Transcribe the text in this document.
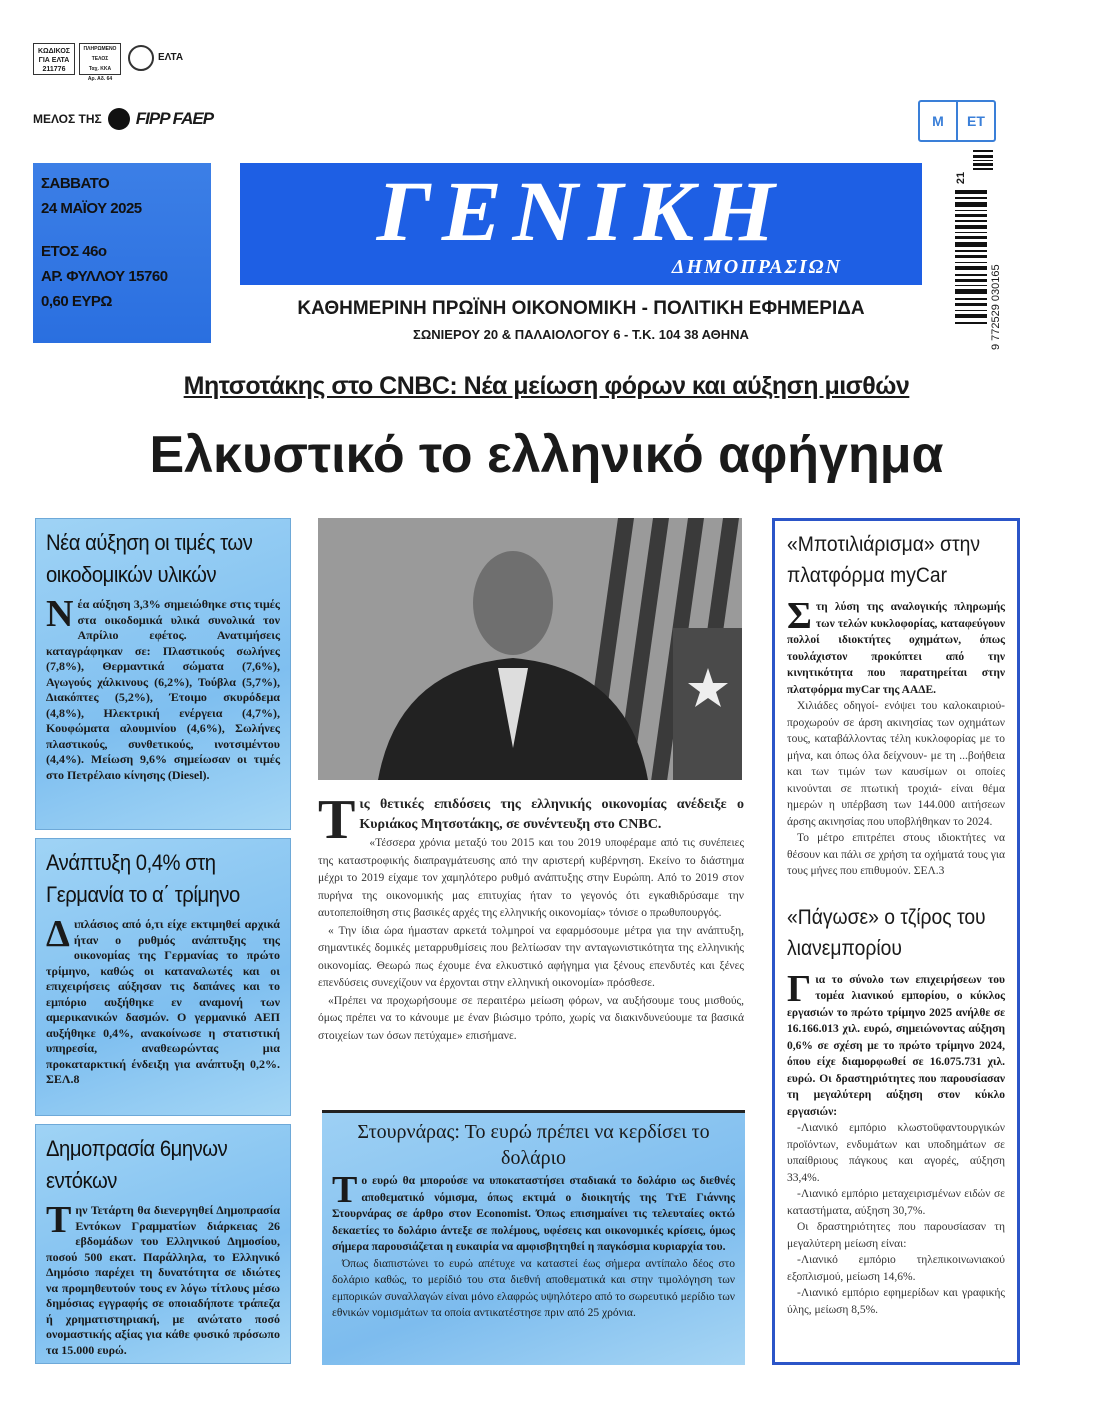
ΚΩΔΙΚΟΣ ΓΙΑ ΕΛΤΑ 211776
ΠΛΗΡΩΜΕΝΟ ΤΕΛΟΣ
Ταχ. ΚΚΑ
Αρ. Αδ. 64
ΕΛΤΑ
ΜΕΛΟΣ ΤΗΣ FIPP FAEP
ΣΑΒΒΑΤΟ
24 ΜΑΪΟΥ 2025
ΕΤΟΣ 46ο
ΑΡ. ΦΥΛΛΟΥ 15760
0,60 ΕΥΡΩ
ΓΕΝΙΚΗ
ΔΗΜΟΠΡΑΣΙΩΝ
ΚΑΘΗΜΕΡΙΝΗ ΠΡΩΪΝΗ ΟΙΚΟΝΟΜΙΚΗ - ΠΟΛΙΤΙΚΗ ΕΦΗΜΕΡΙΔΑ
ΣΩΝΙΕΡΟΥ 20 & ΠΑΛΑΙΟΛΟΓΟΥ 6 - Τ.Κ. 104 38 ΑΘΗΝΑ
Μ	ΕΤ
9 772529 030165
21
Μητσοτάκης στο CNBC: Νέα μείωση φόρων και αύξηση μισθών
Ελκυστικό το ελληνικό αφήγημα
Νέα αύξηση οι τιμές των οικοδομικών υλικών
Νέα αύξηση 3,3% σημειώθηκε στις τιμές στα οικοδομικά υλικά συνολικά τον Απρίλιο εφέτος. Ανατιμήσεις καταγράφηκαν σε: Πλαστικούς σωλήνες (7,8%), Θερμαντικά σώματα (7,6%), Αγωγούς χάλκινους (6,2%), Τούβλα (5,7%), Διακόπτες (5,2%), Έτοιμο σκυρόδεμα (4,8%), Ηλεκτρική ενέργεια (4,7%), Κουφώματα αλουμινίου (4,6%), Σωλήνες πλαστικούς, συνθετικούς, ινοτσιμέντου (4,4%). Μείωση 9,6% σημείωσαν οι τιμές στο Πετρέλαιο κίνησης (Diesel).
Ανάπτυξη 0,4% στη Γερμανία το α΄ τρίμηνο
Διπλάσιος από ό,τι είχε εκτιμηθεί αρχικά ήταν ο ρυθμός ανάπτυξης της οικονομίας της Γερμανίας το πρώτο τρίμηνο, καθώς οι καταναλωτές και οι επιχειρήσεις αύξησαν τις δαπάνες και το εμπόριο αυξήθηκε εν αναμονή των αμερικανικών δασμών. Ο γερμανικό ΑΕΠ αυξήθηκε 0,4%, ανακοίνωσε η στατιστική υπηρεσία, αναθεωρώντας μια προκαταρκτική ένδειξη για ανάπτυξη 0,2%. ΣΕΛ.8
Δημοπρασία 6μηνων εντόκων
Την Τετάρτη θα διενεργηθεί Δημοπρασία Εντόκων Γραμματίων διάρκειας 26 εβδομάδων του Ελληνικού Δημοσίου, ποσού 500 εκατ. Παράλληλα, το Ελληνικό Δημόσιο παρέχει τη δυνατότητα σε ιδιώτες να προμηθευτούν τους εν λόγω τίτλους μέσω δημόσιας εγγραφής σε οποιαδήποτε τράπεζα ή χρηματιστηριακή, με ανώτατο ποσό ονομαστικής αξίας για κάθε φυσικό πρόσωπο τα 15.000 ευρώ.
Τις θετικές επιδόσεις της ελληνικής οικονομίας ανέδειξε ο Κυριάκος Μητσοτάκης, σε συνέντευξη στο CNBC.

«Τέσσερα χρόνια μεταξύ του 2015 και του 2019 υποφέραμε από τις συνέπειες της καταστροφικής διαπραγμάτευσης από την αριστερή κυβέρνηση. Εκείνο το διάστημα μέχρι το 2019 είχαμε τον χαμηλότερο ρυθμό ανάπτυξης στην Ευρώπη. Από το 2019 στον πυρήνα της οικονομικής μας επιτυχίας ήταν το γεγονός ότι εγκαθιδρύσαμε την αυτοπεποίθηση στις βασικές αρχές της ελληνικής οικονομίας» τόνισε ο πρωθυπουργός.

« Την ίδια ώρα ήμασταν αρκετά τολμηροί να εφαρμόσουμε μέτρα για την ανάπτυξη, σημαντικές δομικές μεταρρυθμίσεις που βελτίωσαν την ανταγωνιστικότητα της ελληνικής οικονομίας. Θεωρώ πως έχουμε ένα ελκυστικό αφήγημα για ξένους επενδυτές και ξένες επενδύσεις συνεχίζουν να έρχονται στην ελληνική οικονομία» πρόσθεσε.

«Πρέπει να προχωρήσουμε σε περαιτέρω μείωση φόρων, να αυξήσουμε τους μισθούς, όμως πρέπει να το κάνουμε με έναν βιώσιμο τρόπο, χωρίς να διακινδυνεύουμε τα βασικά στοιχείων των όσων πετύχαμε» επισήμανε.

Στουρνάρας: Το ευρώ πρέπει να κερδίσει το δολάριο
Το ευρώ θα μπορούσε να υποκαταστήσει σταδιακά το δολάριο ως διεθνές αποθεματικό νόμισμα, όπως εκτιμά ο διοικητής της ΤτΕ Γιάννης Στουρνάρας σε άρθρο στον Economist. Όπως επισημαίνει τις τελευταίες οκτώ δεκαετίες το δολάριο άντεξε σε πολέμους, υφέσεις και οικονομικές κρίσεις, όμως σήμερα παρουσιάζεται η ευκαιρία να αμφισβητηθεί η παγκόσμια κυριαρχία του.
Όπως διαπιστώνει το ευρώ απέτυχε να καταστεί έως σήμερα αντίπαλο δέος στο δολάριο καθώς, το μερίδιό του στα διεθνή αποθεματικά και στην τιμολόγηση των εμπορικών συναλλαγών είναι μόνο ελαφρώς υψηλότερο από το σωρευτικό μερίδιο των εθνικών νομισμάτων τα οποία αντικατέστησε πριν από 25 χρόνια.
«Μποτιλιάρισμα» στην πλατφόρμα myCar
Στη λύση της αναλογικής πληρωμής των τελών κυκλοφορίας, καταφεύγουν πολλοί ιδιοκτήτες οχημάτων, όπως τουλάχιστον προκύπτει από την κινητικότητα που παρατηρείται στην πλατφόρμα myCar της ΑΑΔΕ.
Χιλιάδες οδηγοί- ενόψει του καλοκαιριού- προχωρούν σε άρση ακινησίας των οχημάτων τους, καταβάλλοντας τέλη κυκλοφορίας με το μήνα, και όπως όλα δείχνουν- με τη ...βοήθεια και των τιμών των καυσίμων οι οποίες κινούνται σε πτωτική τροχιά- είναι θέμα ημερών η υπέρβαση των 144.000 αιτήσεων άρσης ακινησίας που υποβλήθηκαν το 2024.
Το μέτρο επιτρέπει στους ιδιοκτήτες να θέσουν και πάλι σε χρήση τα οχήματά τους για τους μήνες που επιθυμούν. ΣΕΛ.3
«Πάγωσε» ο τζίρος του λιανεμπορίου
Για το σύνολο των επιχειρήσεων του τομέα λιανικού εμπορίου, ο κύκλος εργασιών το πρώτο τρίμηνο 2025 ανήλθε σε 16.166.013 χιλ. ευρώ, σημειώνοντας αύξηση 0,6% σε σχέση με το πρώτο τρίμηνο 2024, όπου είχε διαμορφωθεί σε 16.075.731 χιλ. ευρώ. Οι δραστηριότητες που παρουσίασαν τη μεγαλύτερη αύξηση στον κύκλο εργασιών:
-Λιανικό εμπόριο κλωστοϋφαντουργικών προϊόντων, ενδυμάτων και υποδημάτων σε υπαίθριους πάγκους και αγορές, αύξηση 33,4%.
-Λιανικό εμπόριο μεταχειρισμένων ειδών σε καταστήματα, αύξηση 30,7%.
Οι δραστηριότητες που παρουσίασαν τη μεγαλύτερη μείωση είναι:
-Λιανικό εμπόριο τηλεπικοινωνιακού εξοπλισμού, μείωση 14,6%.
-Λιανικό εμπόριο εφημερίδων και γραφικής ύλης, μείωση 8,5%.
